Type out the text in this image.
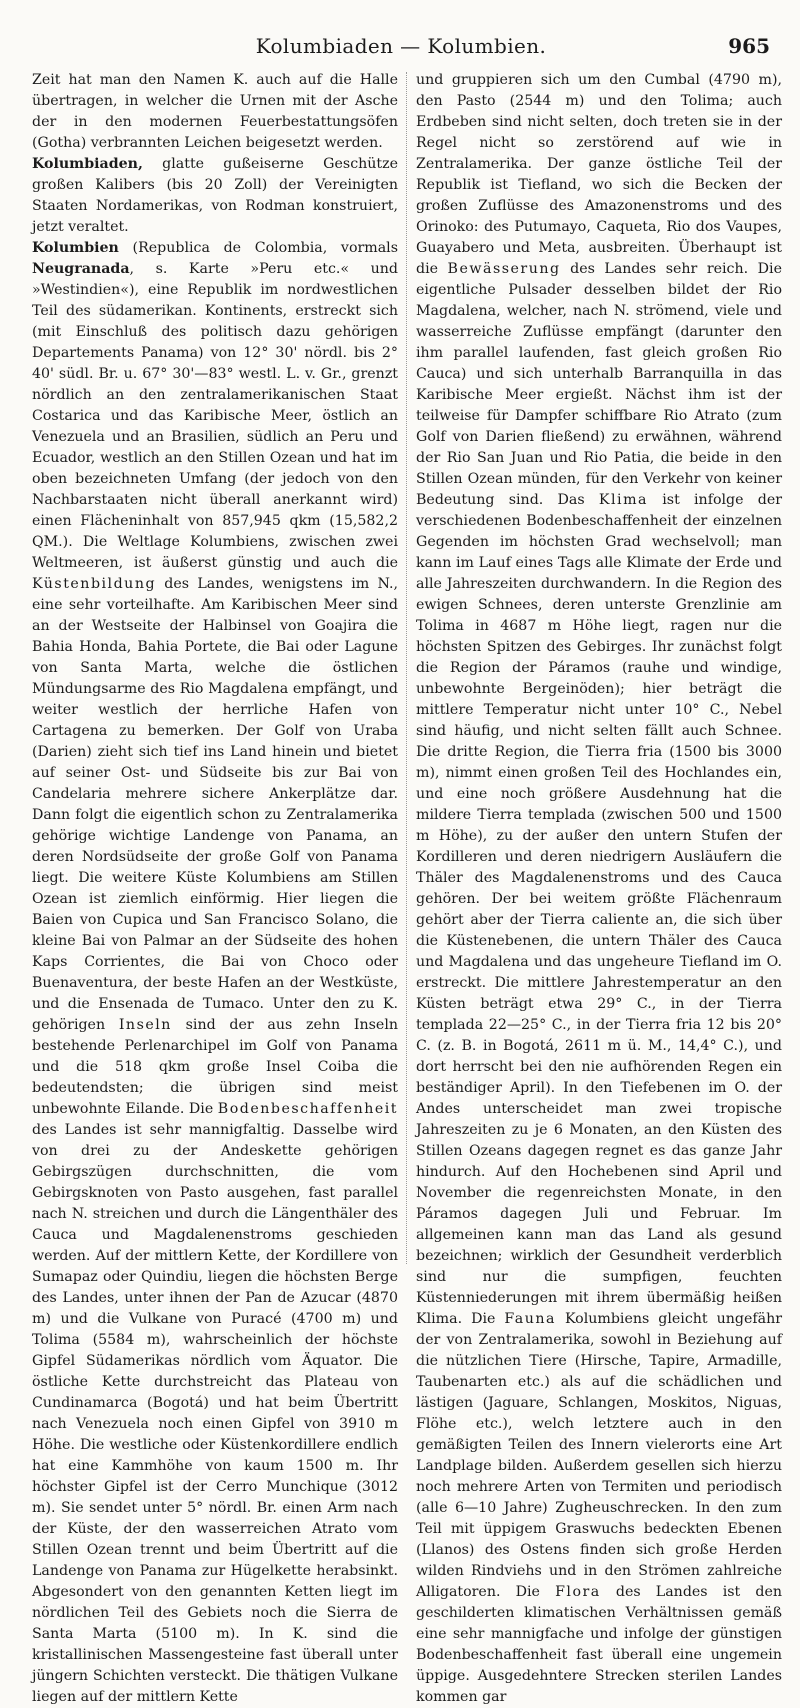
Kolumbiaden — Kolumbien.	965

Zeit hat man den Namen K. auch auf die Halle übertragen, in welcher die Urnen mit der Asche der in den modernen Feuerbestattungsöfen (Gotha) verbrannten Leichen beigesetzt werden.

Kolumbiaden, glatte gußeiserne Geschütze großen Kalibers (bis 20 Zoll) der Vereinigten Staaten Nordamerikas, von Rodman konstruiert, jetzt veraltet.

Kolumbien (Republica de Colombia, vormals Neugranada, s. Karte »Peru etc.« und »Westindien«), eine Republik im nordwestlichen Teil des südamerikan. Kontinents, erstreckt sich (mit Einschluß des politisch dazu gehörigen Departements Panama) von 12° 30' nördl. bis 2° 40' südl. Br. u. 67° 30'—83° westl. L. v. Gr., grenzt nördlich an den zentralamerikanischen Staat Costarica und das Karibische Meer, östlich an Venezuela und an Brasilien, südlich an Peru und Ecuador, westlich an den Stillen Ozean und hat im oben bezeichneten Umfang (der jedoch von den Nachbarstaaten nicht überall anerkannt wird) einen Flächeninhalt von 857,945 qkm (15,582,2 QM.). Die Weltlage Kolumbiens, zwischen zwei Weltmeeren, ist äußerst günstig und auch die Küstenbildung des Landes, wenigstens im N., eine sehr vorteilhafte. Am Karibischen Meer sind an der Westseite der Halbinsel von Goajira die Bahia Honda, Bahia Portete, die Bai oder Lagune von Santa Marta, welche die östlichen Mündungsarme des Rio Magdalena empfängt, und weiter westlich der herrliche Hafen von Cartagena zu bemerken. Der Golf von Uraba (Darien) zieht sich tief ins Land hinein und bietet auf seiner Ost- und Südseite bis zur Bai von Candelaria mehrere sichere Ankerplätze dar. Dann folgt die eigentlich schon zu Zentralamerika gehörige wichtige Landenge von Panama, an deren Nordsüdseite der große Golf von Panama liegt. Die weitere Küste Kolumbiens am Stillen Ozean ist ziemlich einförmig. Hier liegen die Baien von Cupica und San Francisco Solano, die kleine Bai von Palmar an der Südseite des hohen Kaps Corrientes, die Bai von Choco oder Buenaventura, der beste Hafen an der Westküste, und die Ensenada de Tumaco. Unter den zu K. gehörigen Inseln sind der aus zehn Inseln bestehende Perlenarchipel im Golf von Panama und die 518 qkm große Insel Coiba die bedeutendsten; die übrigen sind meist unbewohnte Eilande. Die Bodenbeschaffenheit des Landes ist sehr mannigfaltig. Dasselbe wird von drei zu der Andeskette gehörigen Gebirgszügen durchschnitten, die vom Gebirgsknoten von Pasto ausgehen, fast parallel nach N. streichen und durch die Längenthäler des Cauca und Magdalenenstroms geschieden werden. Auf der mittlern Kette, der Kordillere von Sumapaz oder Quindiu, liegen die höchsten Berge des Landes, unter ihnen der Pan de Azucar (4870 m) und die Vulkane von Puracé (4700 m) und Tolima (5584 m), wahrscheinlich der höchste Gipfel Südamerikas nördlich vom Äquator. Die östliche Kette durchstreicht das Plateau von Cundinamarca (Bogotá) und hat beim Übertritt nach Venezuela noch einen Gipfel von 3910 m Höhe. Die westliche oder Küstenkordillere endlich hat eine Kammhöhe von kaum 1500 m. Ihr höchster Gipfel ist der Cerro Munchique (3012 m). Sie sendet unter 5° nördl. Br. einen Arm nach der Küste, der den wasserreichen Atrato vom Stillen Ozean trennt und beim Übertritt auf die Landenge von Panama zur Hügelkette herabsinkt. Abgesondert von den genannten Ketten liegt im nördlichen Teil des Gebiets noch die Sierra de Santa Marta (5100 m). In K. sind die kristallinischen Massengesteine fast überall unter jüngern Schichten versteckt. Die thätigen Vulkane liegen auf der mittlern Kette

und gruppieren sich um den Cumbal (4790 m), den Pasto (2544 m) und den Tolima; auch Erdbeben sind nicht selten, doch treten sie in der Regel nicht so zerstörend auf wie in Zentralamerika. Der ganze östliche Teil der Republik ist Tiefland, wo sich die Becken der großen Zuflüsse des Amazonenstroms und des Orinoko: des Putumayo, Caqueta, Rio dos Vaupes, Guayabero und Meta, ausbreiten. Überhaupt ist die Bewässerung des Landes sehr reich. Die eigentliche Pulsader desselben bildet der Rio Magdalena, welcher, nach N. strömend, viele und wasserreiche Zuflüsse empfängt (darunter den ihm parallel laufenden, fast gleich großen Rio Cauca) und sich unterhalb Barranquilla in das Karibische Meer ergießt. Nächst ihm ist der teilweise für Dampfer schiffbare Rio Atrato (zum Golf von Darien fließend) zu erwähnen, während der Rio San Juan und Rio Patia, die beide in den Stillen Ozean münden, für den Verkehr von keiner Bedeutung sind. Das Klima ist infolge der verschiedenen Bodenbeschaffenheit der einzelnen Gegenden im höchsten Grad wechselvoll; man kann im Lauf eines Tags alle Klimate der Erde und alle Jahreszeiten durchwandern. In die Region des ewigen Schnees, deren unterste Grenzlinie am Tolima in 4687 m Höhe liegt, ragen nur die höchsten Spitzen des Gebirges. Ihr zunächst folgt die Region der Páramos (rauhe und windige, unbewohnte Bergeinöden); hier beträgt die mittlere Temperatur nicht unter 10° C., Nebel sind häufig, und nicht selten fällt auch Schnee. Die dritte Region, die Tierra fria (1500 bis 3000 m), nimmt einen großen Teil des Hochlandes ein, und eine noch größere Ausdehnung hat die mildere Tierra templada (zwischen 500 und 1500 m Höhe), zu der außer den untern Stufen der Kordilleren und deren niedrigern Ausläufern die Thäler des Magdalenenstroms und des Cauca gehören. Der bei weitem größte Flächenraum gehört aber der Tierra caliente an, die sich über die Küstenebenen, die untern Thäler des Cauca und Magdalena und das ungeheure Tiefland im O. erstreckt. Die mittlere Jahrestemperatur an den Küsten beträgt etwa 29° C., in der Tierra templada 22—25° C., in der Tierra fria 12 bis 20° C. (z. B. in Bogotá, 2611 m ü. M., 14,4° C.), und dort herrscht bei den nie aufhörenden Regen ein beständiger April). In den Tiefebenen im O. der Andes unterscheidet man zwei tropische Jahreszeiten zu je 6 Monaten, an den Küsten des Stillen Ozeans dagegen regnet es das ganze Jahr hindurch. Auf den Hochebenen sind April und November die regenreichsten Monate, in den Páramos dagegen Juli und Februar. Im allgemeinen kann man das Land als gesund bezeichnen; wirklich der Gesundheit verderblich sind nur die sumpfigen, feuchten Küstenniederungen mit ihrem übermäßig heißen Klima. Die Fauna Kolumbiens gleicht ungefähr der von Zentralamerika, sowohl in Beziehung auf die nützlichen Tiere (Hirsche, Tapire, Armadille, Taubenarten etc.) als auf die schädlichen und lästigen (Jaguare, Schlangen, Moskitos, Niguas, Flöhe etc.), welch letztere auch in den gemäßigten Teilen des Innern vielerorts eine Art Landplage bilden. Außerdem gesellen sich hierzu noch mehrere Arten von Termiten und periodisch (alle 6—10 Jahre) Zugheuschrecken. In den zum Teil mit üppigem Graswuchs bedeckten Ebenen (Llanos) des Ostens finden sich große Herden wilden Rindviehs und in den Strömen zahlreiche Alligatoren. Die Flora des Landes ist den geschilderten klimatischen Verhältnissen gemäß eine sehr mannigfache und infolge der günstigen Bodenbeschaffenheit fast überall eine ungemein üppige. Ausgedehntere Strecken sterilen Landes kommen gar
